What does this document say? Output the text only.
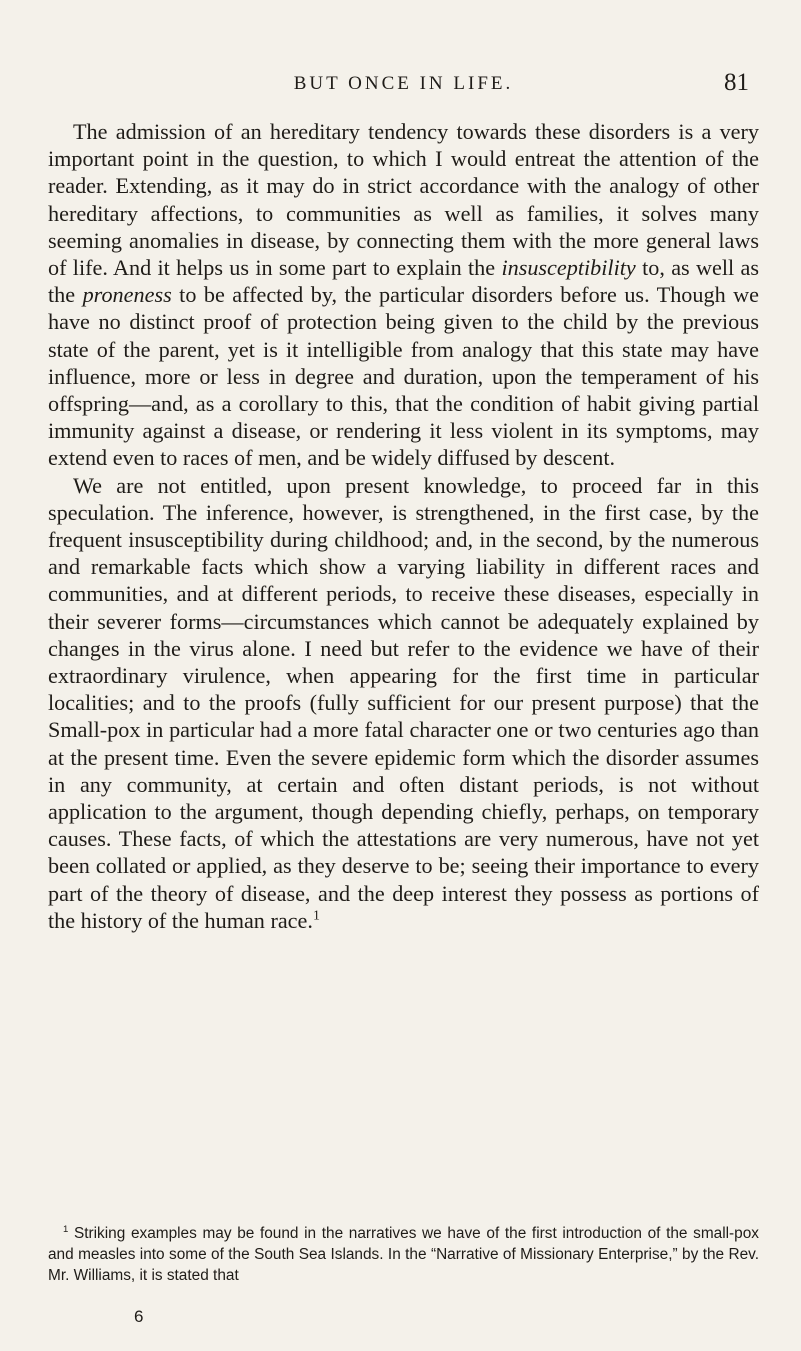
BUT ONCE IN LIFE.	81

The admission of an hereditary tendency towards these disorders is a very important point in the question, to which I would entreat the attention of the reader. Extending, as it may do in strict accordance with the analogy of other hereditary affections, to communities as well as families, it solves many seeming anomalies in disease, by connecting them with the more general laws of life. And it helps us in some part to explain the insusceptibility to, as well as the proneness to be affected by, the particular disorders before us. Though we have no distinct proof of protection being given to the child by the previous state of the parent, yet is it intelligible from analogy that this state may have influence, more or less in degree and duration, upon the temperament of his offspring—and, as a corollary to this, that the condition of habit giving partial immunity against a disease, or rendering it less violent in its symptoms, may extend even to races of men, and be widely diffused by descent.

We are not entitled, upon present knowledge, to proceed far in this speculation. The inference, however, is strengthened, in the first case, by the frequent insusceptibility during childhood; and, in the second, by the numerous and remarkable facts which show a varying liability in different races and communities, and at different periods, to receive these diseases, especially in their severer forms—circumstances which cannot be adequately explained by changes in the virus alone. I need but refer to the evidence we have of their extraordinary virulence, when appearing for the first time in particular localities; and to the proofs (fully sufficient for our present purpose) that the Small-pox in particular had a more fatal character one or two centuries ago than at the present time. Even the severe epidemic form which the disorder assumes in any community, at certain and often distant periods, is not without application to the argument, though depending chiefly, perhaps, on temporary causes. These facts, of which the attestations are very numerous, have not yet been collated or applied, as they deserve to be; seeing their importance to every part of the theory of disease, and the deep interest they possess as portions of the history of the human race.$^1$

$^1$ Striking examples may be found in the narratives we have of the first introduction of the small-pox and measles into some of the South Sea Islands. In the “Narrative of Missionary Enterprise,” by the Rev. Mr. Williams, it is stated that

6
